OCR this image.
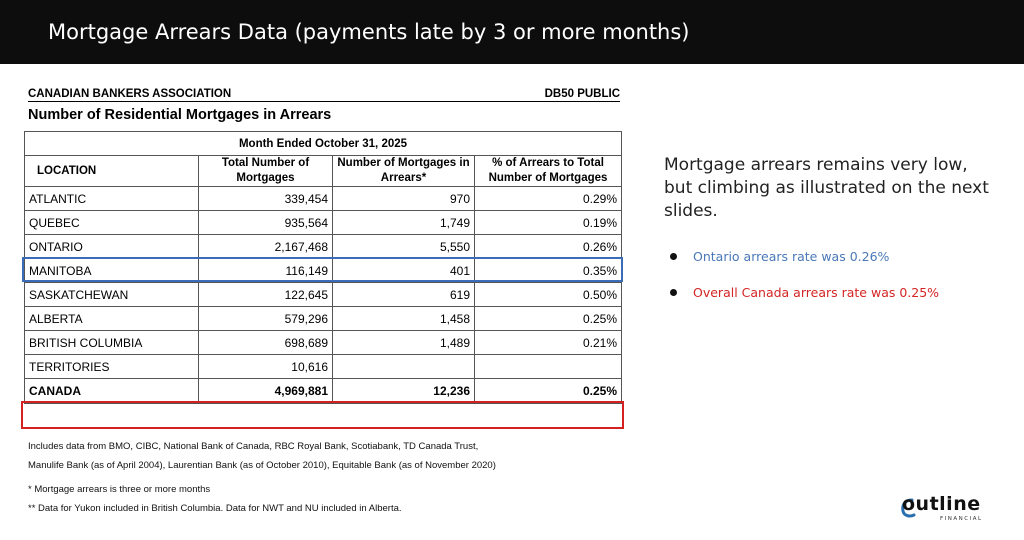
Mortgage Arrears Data (payments late by 3 or more months)
CANADIAN BANKERS ASSOCIATION	DB50 PUBLIC
Number of Residential Mortgages in Arrears
Month Ended October 31, 2025			
LOCATION	Total Number of Mortgages	Number of Mortgages in Arrears*	% of Arrears to Total Number of Mortgages
ATLANTIC	339,454	970	0.29%
QUEBEC	935,564	1,749	0.19%
ONTARIO	2,167,468	5,550	0.26%
MANITOBA	116,149	401	0.35%
SASKATCHEWAN	122,645	619	0.50%
ALBERTA	579,296	1,458	0.25%
BRITISH COLUMBIA	698,689	1,489	0.21%
TERRITORIES	10,616		
CANADA	4,969,881	12,236	0.25%
Includes data from BMO, CIBC, National Bank of Canada, RBC Royal Bank, Scotiabank, TD Canada Trust,
Manulife Bank (as of April 2004), Laurentian Bank (as of October 2010), Equitable Bank (as of November 2020)
* Mortgage arrears is three or more months
** Data for Yukon included in British Columbia. Data for NWT and NU included in Alberta.
Mortgage arrears remains very low, but climbing as illustrated on the next slides.
Ontario arrears rate was 0.26%
Overall Canada arrears rate was 0.25%
outline
FINANCIAL
